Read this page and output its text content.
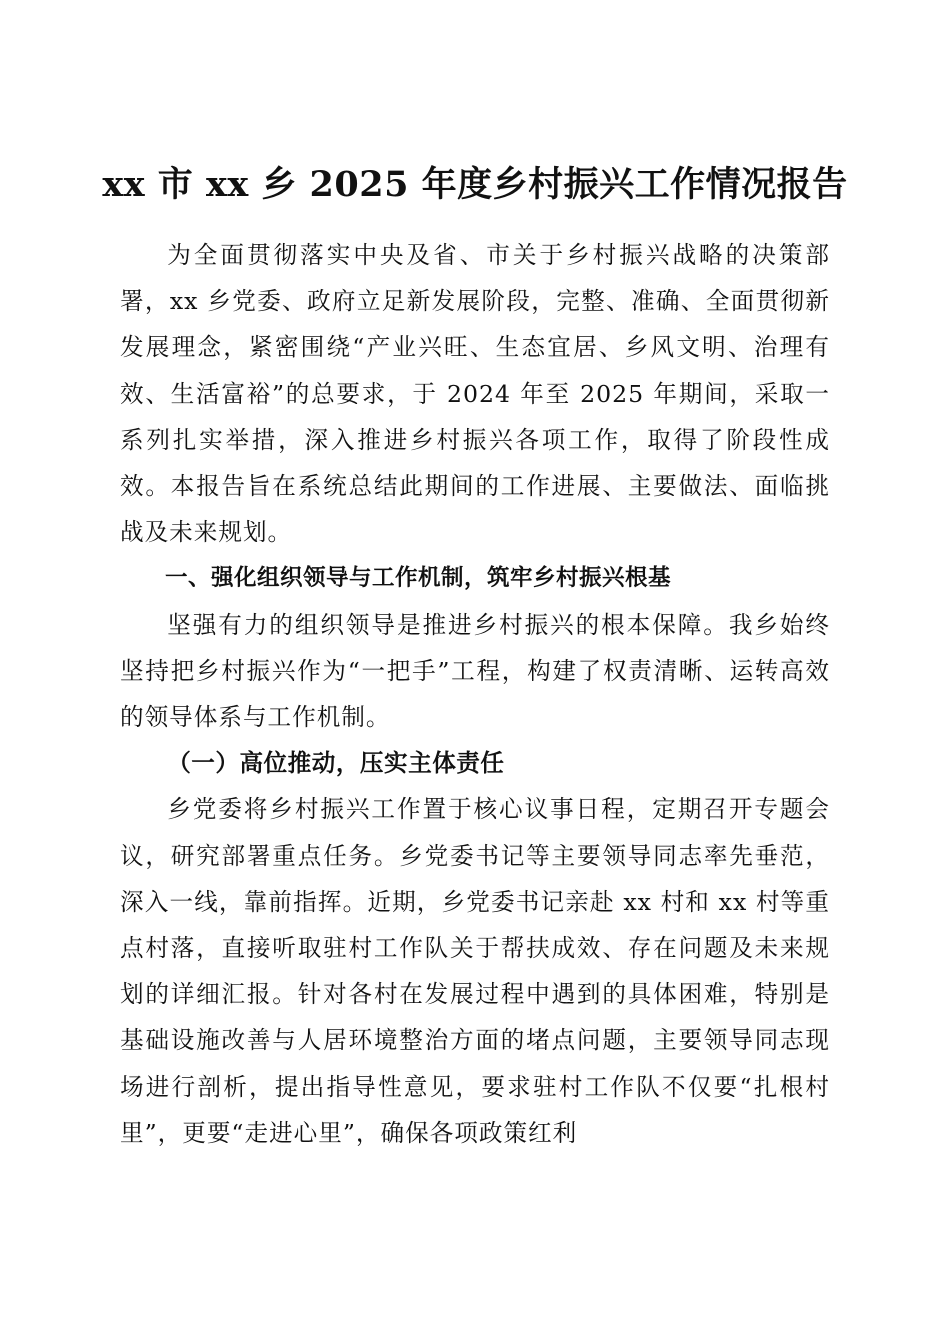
xx 市 xx 乡 2025 年度乡村振兴工作情况报告

为全面贯彻落实中央及省、市关于乡村振兴战略的决策部署，xx 乡党委、政府立足新发展阶段，完整、准确、全面贯彻新发展理念，紧密围绕“产业兴旺、生态宜居、乡风文明、治理有效、生活富裕”的总要求，于 2024 年至 2025 年期间，采取一系列扎实举措，深入推进乡村振兴各项工作，取得了阶段性成效。本报告旨在系统总结此期间的工作进展、主要做法、面临挑战及未来规划。

一、强化组织领导与工作机制，筑牢乡村振兴根基

坚强有力的组织领导是推进乡村振兴的根本保障。我乡始终坚持把乡村振兴作为“一把手”工程，构建了权责清晰、运转高效的领导体系与工作机制。

（一）高位推动，压实主体责任

乡党委将乡村振兴工作置于核心议事日程，定期召开专题会议，研究部署重点任务。乡党委书记等主要领导同志率先垂范，深入一线，靠前指挥。近期，乡党委书记亲赴 xx 村和 xx 村等重点村落，直接听取驻村工作队关于帮扶成效、存在问题及未来规划的详细汇报。针对各村在发展过程中遇到的具体困难，特别是基础设施改善与人居环境整治方面的堵点问题，主要领导同志现场进行剖析，提出指导性意见，要求驻村工作队不仅要“扎根村里”，更要“走进心里”，确保各项政策红利
